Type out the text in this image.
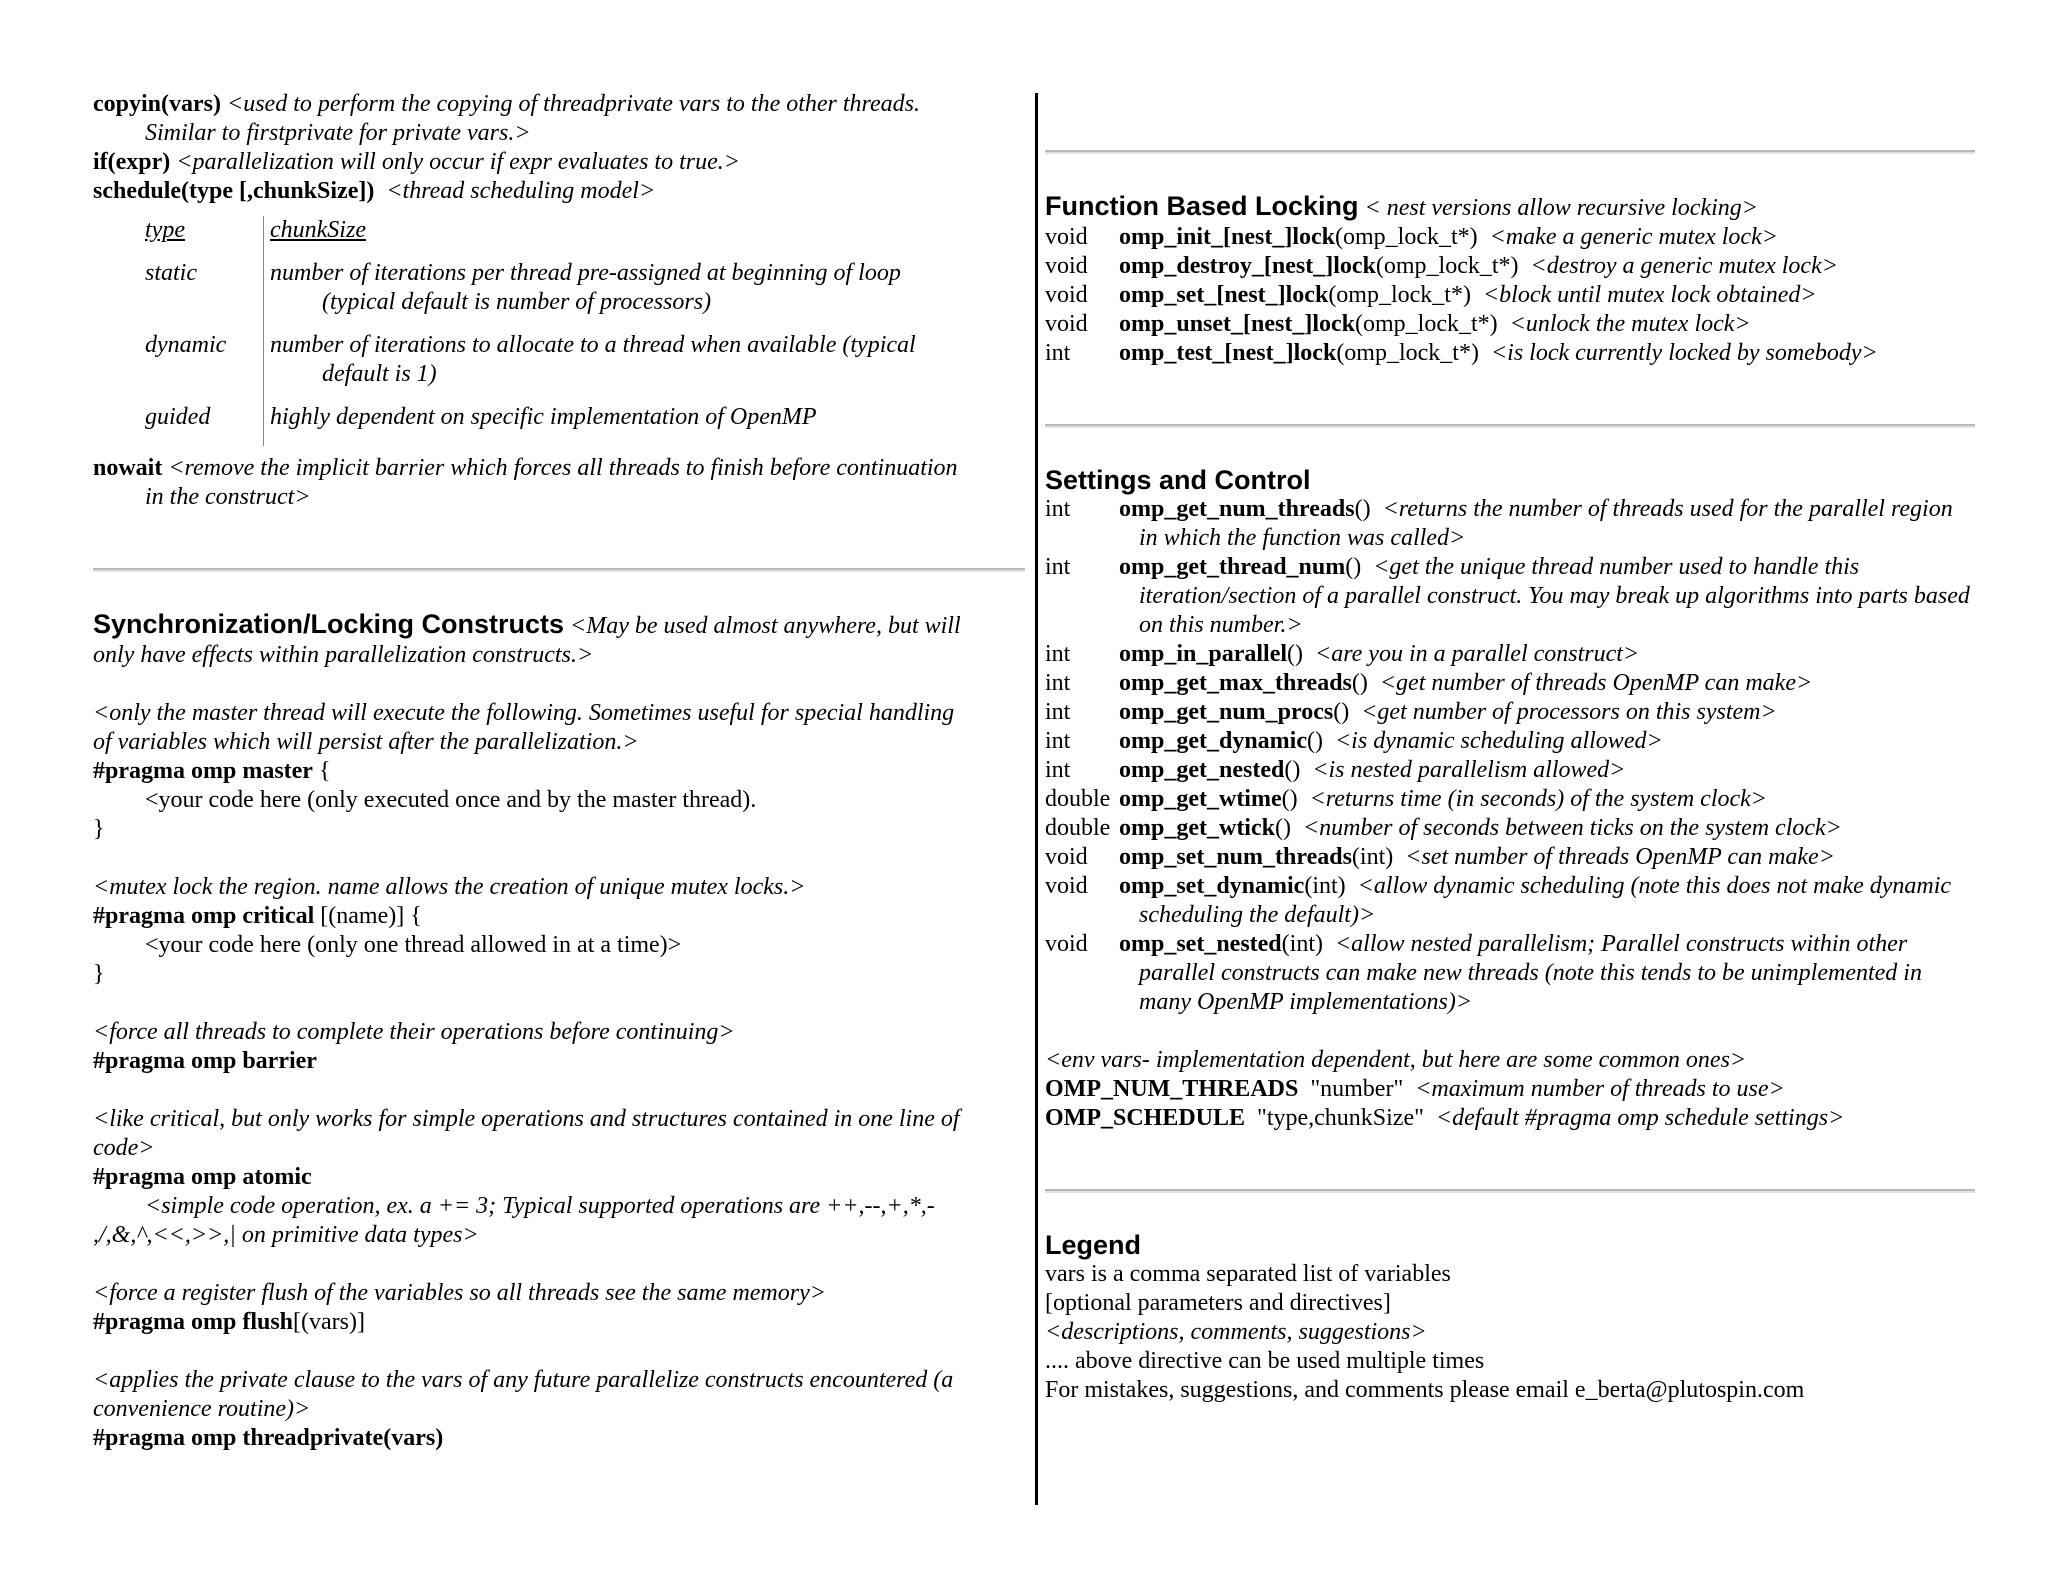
copyin(vars) <used to perform the copying of threadprivate vars to the other threads.
Similar to firstprivate for private vars.>
if(expr) <parallelization will only occur if expr evaluates to true.>
schedule(type [,chunkSize]) <thread scheduling model>
type	chunkSize
static	number of iterations per thread pre-assigned at beginning of loop
(typical default is number of processors)

dynamic	number of iterations to allocate to a thread when available (typical
default is 1)

guided	highly dependent on specific implementation of OpenMP
nowait <remove the implicit barrier which forces all threads to finish before continuation
in the construct>
Synchronization/Locking Constructs <May be used almost anywhere, but will
only have effects within parallelization constructs.>
<only the master thread will execute the following. Sometimes useful for special handling
of variables which will persist after the parallelization.>
#pragma omp master {
<your code here (only executed once and by the master thread).
}
<mutex lock the region. name allows the creation of unique mutex locks.>
#pragma omp critical [(name)] {
<your code here (only one thread allowed in at a time)>
}
<force all threads to complete their operations before continuing>
#pragma omp barrier
<like critical, but only works for simple operations and structures contained in one line of
code>
#pragma omp atomic
<simple code operation, ex. a += 3; Typical supported operations are ++,--,+,*,-
,/,&,^,<<,>>,| on primitive data types>
<force a register flush of the variables so all threads see the same memory>
#pragma omp flush[(vars)]
<applies the private clause to the vars of any future parallelize constructs encountered (a
convenience routine)>
#pragma omp threadprivate(vars)
Function Based Locking < nest versions allow recursive locking>
void	omp_init_[nest_]lock(omp_lock_t*) <make a generic mutex lock>
void	omp_destroy_[nest_]lock(omp_lock_t*) <destroy a generic mutex lock>
void	omp_set_[nest_]lock(omp_lock_t*) <block until mutex lock obtained>
void	omp_unset_[nest_]lock(omp_lock_t*) <unlock the mutex lock>
int	omp_test_[nest_]lock(omp_lock_t*) <is lock currently locked by somebody>
Settings and Control
int	omp_get_num_threads() <returns the number of threads used for the parallel region in which the function was called>
int	omp_get_thread_num() <get the unique thread number used to handle this iteration/section of a parallel construct. You may break up algorithms into parts based on this number.>
int	omp_in_parallel() <are you in a parallel construct>
int	omp_get_max_threads() <get number of threads OpenMP can make>
int	omp_get_num_procs() <get number of processors on this system>
int	omp_get_dynamic() <is dynamic scheduling allowed>
int	omp_get_nested() <is nested parallelism allowed>
double omp_get_wtime() <returns time (in seconds) of the system clock>
double omp_get_wtick() <number of seconds between ticks on the system clock>
void	omp_set_num_threads(int) <set number of threads OpenMP can make>
void	omp_set_dynamic(int) <allow dynamic scheduling (note this does not make dynamic scheduling the default)>
void	omp_set_nested(int) <allow nested parallelism; Parallel constructs within other parallel constructs can make new threads (note this tends to be unimplemented in many OpenMP implementations)>
<env vars- implementation dependent, but here are some common ones>
OMP_NUM_THREADS "number" <maximum number of threads to use>
OMP_SCHEDULE "type,chunkSize" <default #pragma omp schedule settings>
Legend
vars is a comma separated list of variables
[optional parameters and directives]
<descriptions, comments, suggestions>
.... above directive can be used multiple times
For mistakes, suggestions, and comments please email e_berta@plutospin.com
